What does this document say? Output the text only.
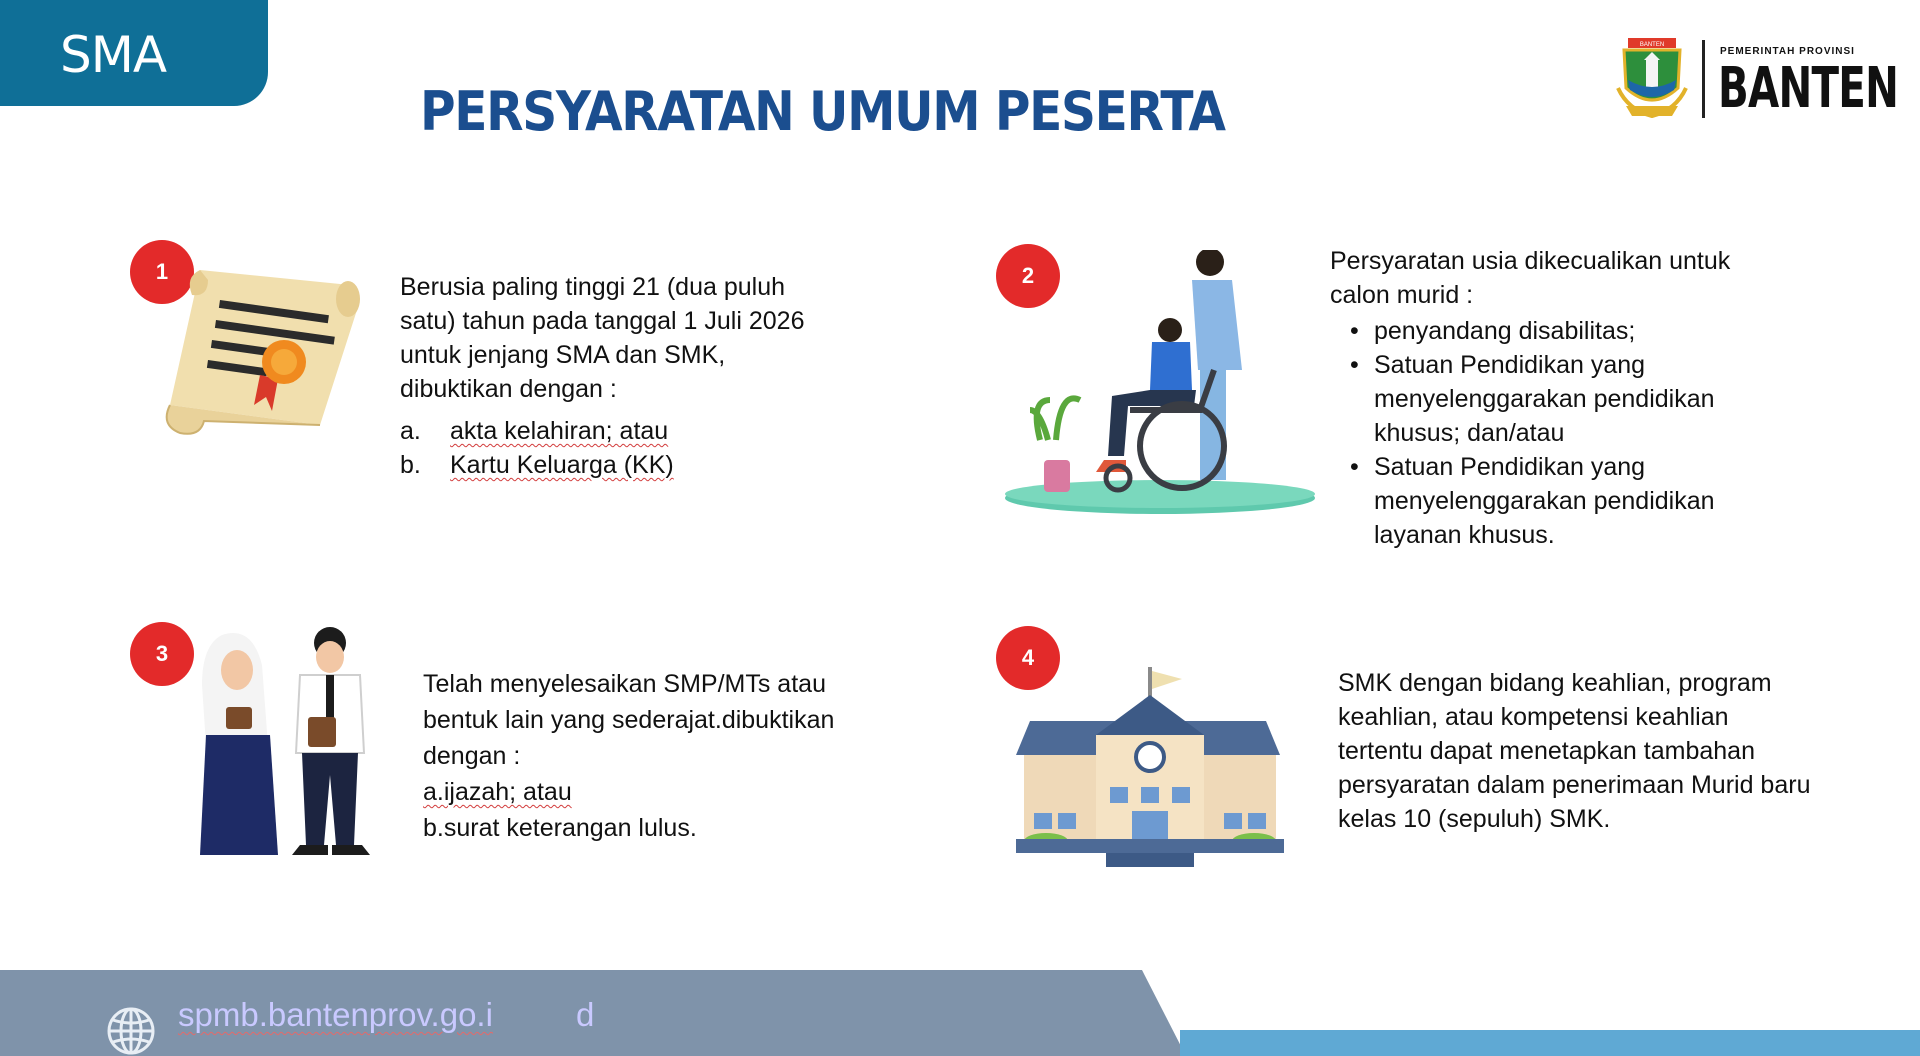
SMA
PERSYARATAN UMUM PESERTA
BANTEN
PEMERINTAH PROVINSI
BANTEN
1

Berusia paling tinggi 21 (dua puluh satu) tahun pada tanggal 1 Juli 2026 untuk jenjang SMA dan SMK, dibuktikan dengan :

a.	akta kelahiran; atau
b.	Kartu Keluarga (KK)
2

Persyaratan usia dikecualikan untuk calon murid :

• penyandang disabilitas;
• Satuan Pendidikan yang menyelenggarakan pendidikan khusus; dan/atau
• Satuan Pendidikan yang menyelenggarakan pendidikan layanan khusus.
3

Telah menyelesaikan SMP/MTs atau bentuk lain yang sederajat.dibuktikan dengan :

a.ijazah; atau

b.surat keterangan lulus.

4

SMK dengan bidang keahlian, program keahlian, atau kompetensi keahlian tertentu dapat menetapkan tambahan persyaratan dalam penerimaan Murid baru kelas 10 (sepuluh) SMK.

spmb.bantenprov.go.i	d
